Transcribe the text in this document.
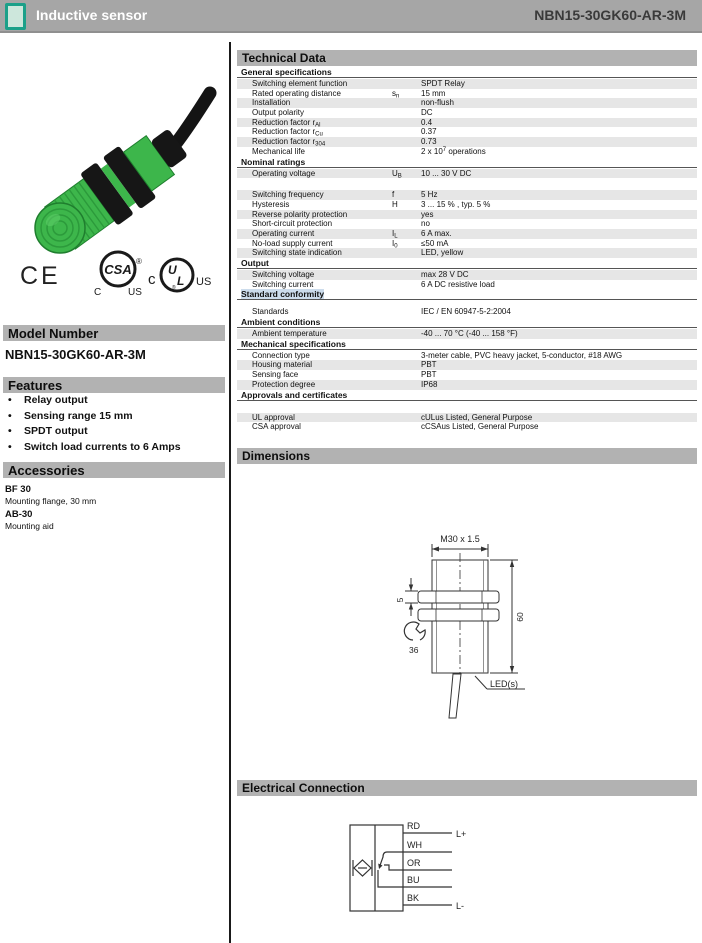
Inductive sensor	NBN15-30GK60-AR-3M
CE	CSA
®
C	US
c
U
L
® US
Model Number
NBN15-30GK60-AR-3M
Features
•	Relay output
•	Sensing range 15 mm
•	SPDT output
•	Switch load currents to 6 Amps
Accessories
BF 30
Mounting flange, 30 mm
AB-30
Mounting aid
Technical Data
General specifications
Switching element function	SPDT Relay
Rated operating distance	$s_n$	15 mm
Installation	non-flush
Output polarity	DC
Reduction factor $r_{Al}$	0.4
Reduction factor $r_{Cu}$	0.37
Reduction factor $r_{304}$	0.73
Mechanical life	2 x $10^7$ operations
Nominal ratings
Operating voltage	$U_B$	10 ... 30 V DC
Switching frequency	f	5 Hz
Hysteresis	H	3 ... 15 % , typ. 5 %
Reverse polarity protection	yes
Short-circuit protection	no
Operating current	$I_L$	6 A max.
No-load supply current	$I_0$	≤50 mA
Switching state indication	LED, yellow
Output
Switching voltage	max 28 V DC
Switching current	6 A DC resistive load
Standard conformity
Standards	IEC / EN 60947-5-2:2004
Ambient conditions
Ambient temperature	-40 ... 70 °C (-40 ... 158 °F)
Mechanical specifications
Connection type	3-meter cable, PVC heavy jacket, 5-conductor, #18 AWG
Housing material	PBT
Sensing face	PBT
Protection degree	IP68
Approvals and certificates
UL approval	cULus Listed, General Purpose
CSA approval	cCSAus Listed, General Purpose
Dimensions
M30 x 1.5
5
60
36
LED(s)
Electrical Connection
RD
WH
OR
BU
BK
L+
L-
